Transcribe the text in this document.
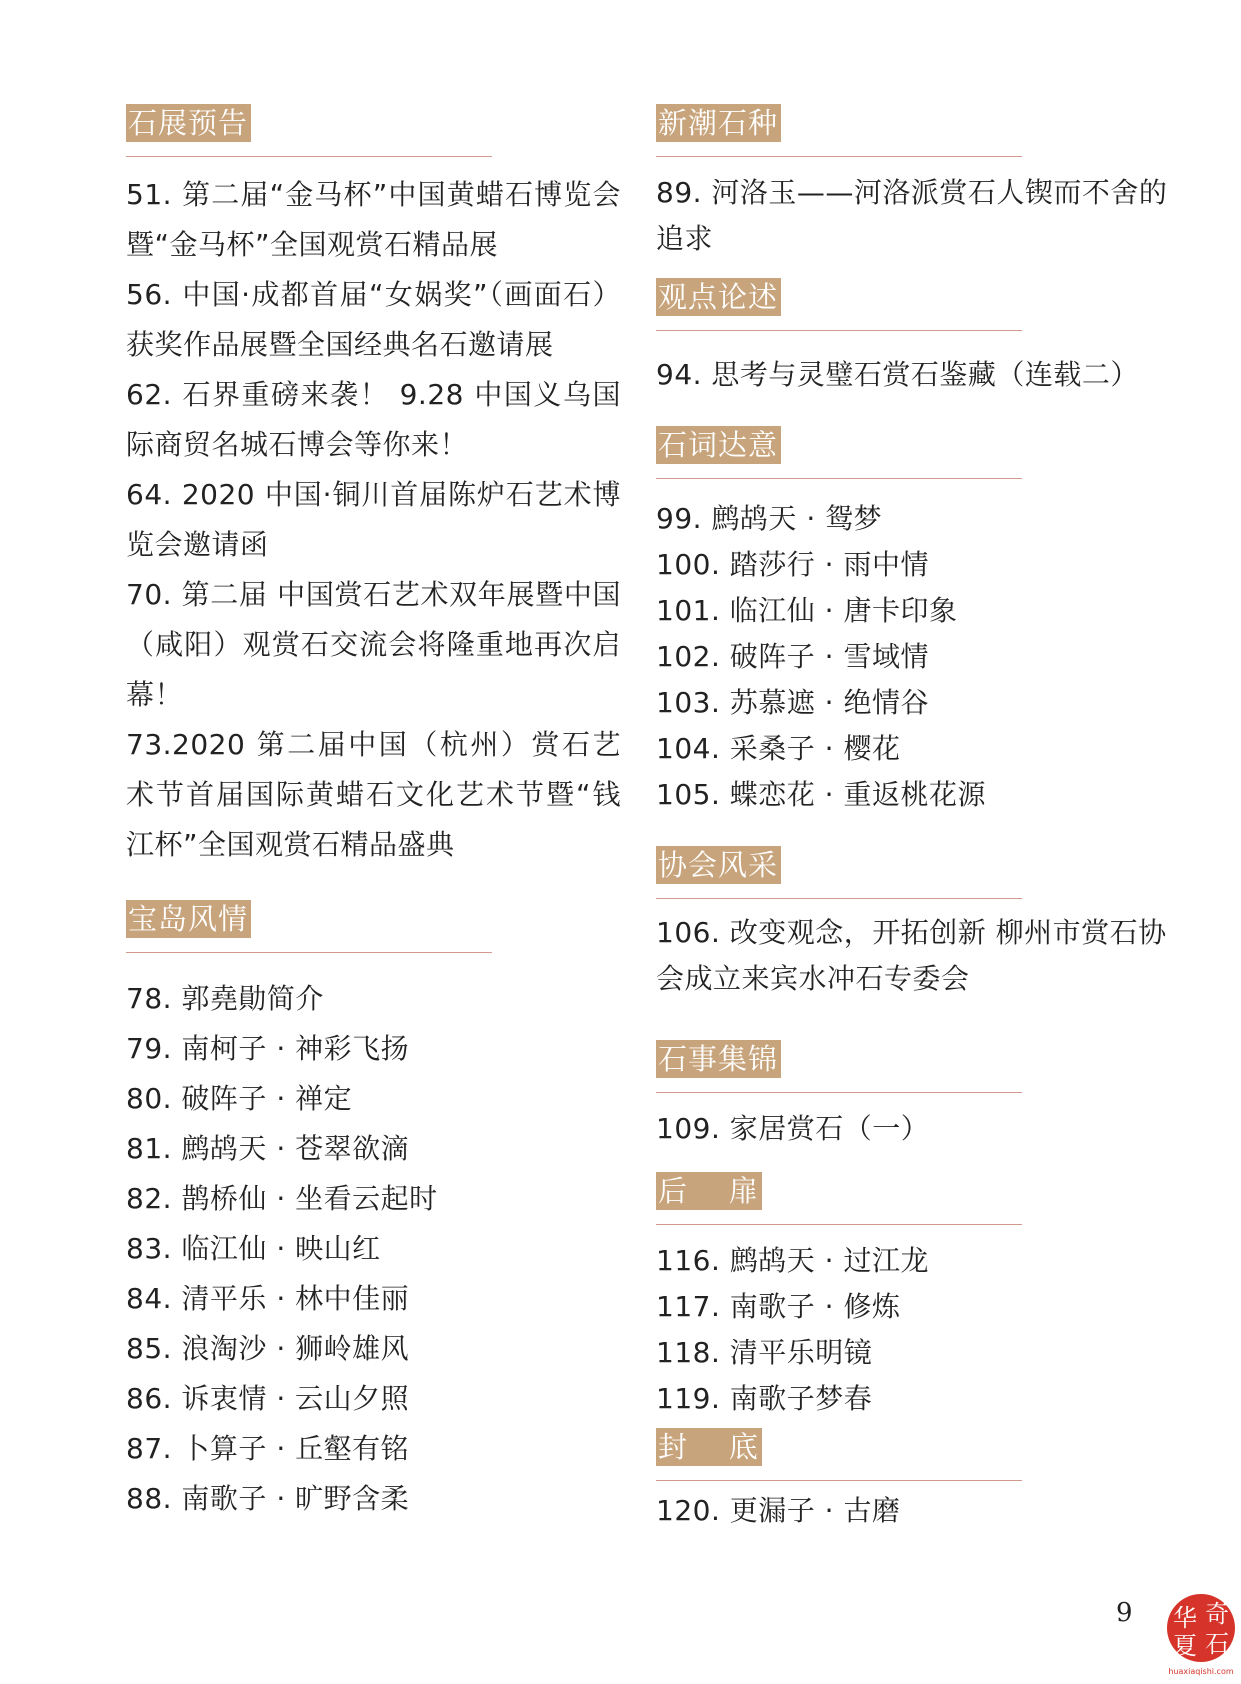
石展预告
51. 第二届“金马杯”中国黄蜡石博览会暨“金马杯”全国观赏石精品展
56. 中国·成都首届“女娲奖”（画面石）获奖作品展暨全国经典名石邀请展
62. 石界重磅来袭！ 9.28 中国义乌国际商贸名城石博会等你来！
64. 2020 中国·铜川首届陈炉石艺术博览会邀请函
70. 第二届 中国赏石艺术双年展暨中国（咸阳）观赏石交流会将隆重地再次启幕！
73.2020 第二届中国（杭州）赏石艺术节首届国际黄蜡石文化艺术节暨“钱江杯”全国观赏石精品盛典
宝岛风情
78. 郭堯勛简介
79. 南柯子 · 神彩飞扬
80. 破阵子 · 禅定
81. 鹧鸪天 · 苍翠欲滴
82. 鹊桥仙 · 坐看云起时
83. 临江仙 · 映山红
84. 清平乐 · 林中佳丽
85. 浪淘沙 · 狮岭雄风
86. 诉衷情 · 云山夕照
87. 卜算子 · 丘壑有铭
88. 南歌子 · 旷野含柔
新潮石种
89. 河洛玉——河洛派赏石人锲而不舍的追求
观点论述
94. 思考与灵璧石赏石鉴藏（连载二）
石词达意
99. 鹧鸪天 · 鸳梦
100. 踏莎行 · 雨中情
101. 临江仙 · 唐卡印象
102. 破阵子 · 雪域情
103. 苏慕遮 · 绝情谷
104. 采桑子 · 樱花
105. 蝶恋花 · 重返桃花源
协会风采
106. 改变观念，开拓创新 柳州市赏石协会成立来宾水冲石专委会
石事集锦
109. 家居赏石（一）
后    扉
116. 鹧鸪天 · 过江龙
117. 南歌子 · 修炼
118. 清平乐明镜
119. 南歌子梦春
封    底
120. 更漏子 · 古磨
9 华 奇
夏 石
huaxiaqishi.com
